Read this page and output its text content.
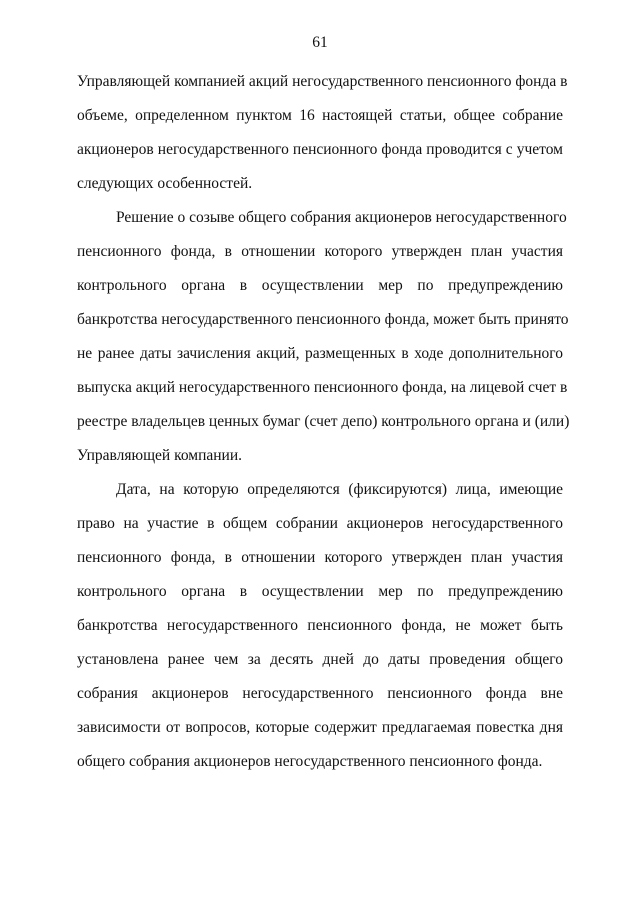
61
Управляющей компанией акций негосударственного пенсионного фонда в
объеме, определенном пунктом 16 настоящей статьи, общее собрание
акционеров негосударственного пенсионного фонда проводится с учетом
следующих особенностей.
Решение о созыве общего собрания акционеров негосударственного
пенсионного фонда, в отношении которого утвержден план участия
контрольного органа в осуществлении мер по предупреждению
банкротства негосударственного пенсионного фонда, может быть принято
не ранее даты зачисления акций, размещенных в ходе дополнительного
выпуска акций негосударственного пенсионного фонда, на лицевой счет в
реестре владельцев ценных бумаг (счет депо) контрольного органа и (или)
Управляющей компании.
Дата, на которую определяются (фиксируются) лица, имеющие
право на участие в общем собрании акционеров негосударственного
пенсионного фонда, в отношении которого утвержден план участия
контрольного органа в осуществлении мер по предупреждению
банкротства негосударственного пенсионного фонда, не может быть
установлена ранее чем за десять дней до даты проведения общего
собрания акционеров негосударственного пенсионного фонда вне
зависимости от вопросов, которые содержит предлагаемая повестка дня
общего собрания акционеров негосударственного пенсионного фонда.
